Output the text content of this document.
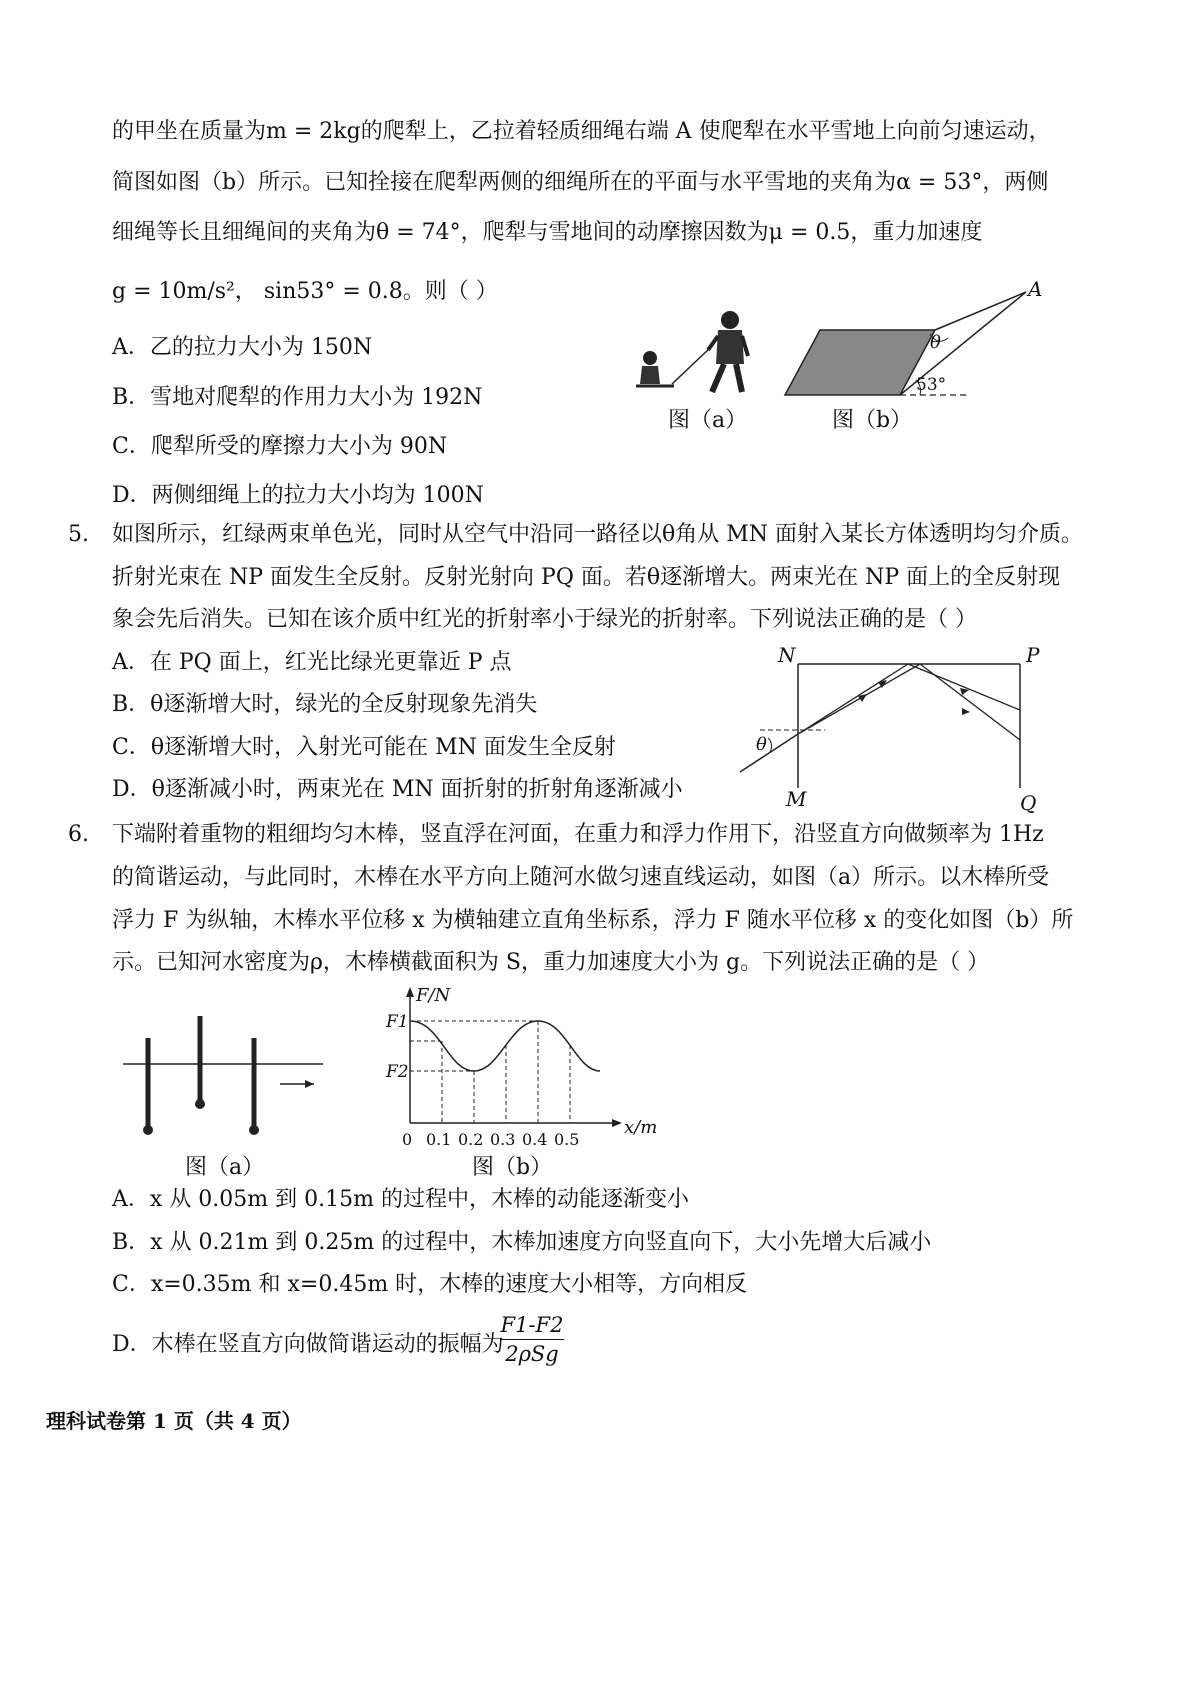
的甲坐在质量为m = 2kg的爬犁上，乙拉着轻质细绳右端 A 使爬犁在水平雪地上向前匀速运动，
简图如图（b）所示。已知拴接在爬犁两侧的细绳所在的平面与水平雪地的夹角为α = 53°，两侧
细绳等长且细绳间的夹角为θ = 74°，爬犁与雪地间的动摩擦因数为μ = 0.5，重力加速度
g = 10m/s²， sin53° = 0.8。则（ ）
A．乙的拉力大小为 150N
B．雪地对爬犁的作用力大小为 192N
C．爬犁所受的摩擦力大小为 90N
D．两侧细绳上的拉力大小均为 100N
图（a）
A
θ
53°
图（b）
5. 如图所示，红绿两束单色光，同时从空气中沿同一路径以θ角从 MN 面射入某长方体透明均匀介质。
折射光束在 NP 面发生全反射。反射光射向 PQ 面。若θ逐渐增大。两束光在 NP 面上的全反射现
象会先后消失。已知在该介质中红光的折射率小于绿光的折射率。下列说法正确的是（ ）
A．在 PQ 面上，红光比绿光更靠近 P 点
B．θ逐渐增大时，绿光的全反射现象先消失
C．θ逐渐增大时，入射光可能在 MN 面发生全反射
D．θ逐渐减小时，两束光在 MN 面折射的折射角逐渐减小
N	P
M	Q
θ
6. 下端附着重物的粗细均匀木棒，竖直浮在河面，在重力和浮力作用下，沿竖直方向做频率为 1Hz
的简谐运动，与此同时，木棒在水平方向上随河水做匀速直线运动，如图（a）所示。以木棒所受
浮力 F 为纵轴，木棒水平位移 x 为横轴建立直角坐标系，浮力 F 随水平位移 x 的变化如图（b）所
示。已知河水密度为ρ，木棒横截面积为 S，重力加速度大小为 g。下列说法正确的是（ ）
图（a）
F/N
x/m
F1
F2
0 0.1 0.2 0.3 0.4 0.5
图（b）
A．x 从 0.05m 到 0.15m 的过程中，木棒的动能逐渐变小
B．x 从 0.21m 到 0.25m 的过程中，木棒加速度方向竖直向下，大小先增大后减小
C．x=0.35m 和 x=0.45m 时，木棒的速度大小相等，方向相反
D．木棒在竖直方向做简谐运动的振幅为
F1-F2
2ρSg
理科试卷第 1 页（共 4 页）
